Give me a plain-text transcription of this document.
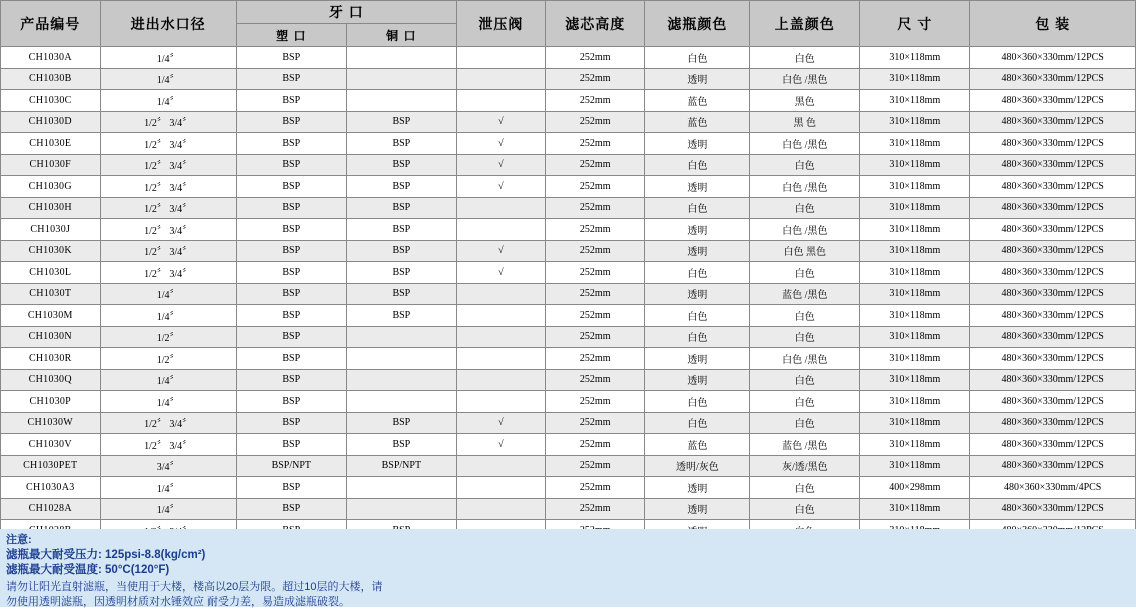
产品编号	进出水口径	牙 口		泄压阀	滤芯高度	滤瓶颜色	上盖颜色	尺 寸	包 装
		塑 口	铜 口						
CH1030A	1/4〞	BSP			252mm	白色	白色	310×118mm	480×360×330mm/12PCS
CH1030B	1/4〞	BSP			252mm	透明	白色 /黑色	310×118mm	480×360×330mm/12PCS
CH1030C	1/4〞	BSP			252mm	蓝色	黑色	310×118mm	480×360×330mm/12PCS
CH1030D	1/2〞 3/4〞	BSP	BSP	√	252mm	蓝色	黑 色	310×118mm	480×360×330mm/12PCS
CH1030E	1/2〞 3/4〞	BSP	BSP	√	252mm	透明	白色 /黑色	310×118mm	480×360×330mm/12PCS
CH1030F	1/2〞 3/4〞	BSP	BSP	√	252mm	白色	白色	310×118mm	480×360×330mm/12PCS
CH1030G	1/2〞 3/4〞	BSP	BSP	√	252mm	透明	白色 /黑色	310×118mm	480×360×330mm/12PCS
CH1030H	1/2〞 3/4〞	BSP	BSP		252mm	白色	白色	310×118mm	480×360×330mm/12PCS
CH1030J	1/2〞 3/4〞	BSP	BSP		252mm	透明	白色 /黑色	310×118mm	480×360×330mm/12PCS
CH1030K	1/2〞 3/4〞	BSP	BSP	√	252mm	透明	白色 黑色	310×118mm	480×360×330mm/12PCS
CH1030L	1/2〞 3/4〞	BSP	BSP	√	252mm	白色	白色	310×118mm	480×360×330mm/12PCS
CH1030T	1/4〞	BSP	BSP		252mm	透明	蓝色 /黑色	310×118mm	480×360×330mm/12PCS
CH1030M	1/4〞	BSP	BSP		252mm	白色	白色	310×118mm	480×360×330mm/12PCS
CH1030N	1/2〞	BSP			252mm	白色	白色	310×118mm	480×360×330mm/12PCS
CH1030R	1/2〞	BSP			252mm	透明	白色 /黑色	310×118mm	480×360×330mm/12PCS
CH1030Q	1/4〞	BSP			252mm	透明	白色	310×118mm	480×360×330mm/12PCS
CH1030P	1/4〞	BSP			252mm	白色	白色	310×118mm	480×360×330mm/12PCS
CH1030W	1/2〞 3/4〞	BSP	BSP	√	252mm	白色	白色	310×118mm	480×360×330mm/12PCS
CH1030V	1/2〞 3/4〞	BSP	BSP	√	252mm	蓝色	蓝色 /黑色	310×118mm	480×360×330mm/12PCS
CH1030PET	3/4〞	BSP/NPT	BSP/NPT		252mm	透明/灰色	灰/透/黑色	310×118mm	480×360×330mm/12PCS
CH1030A3	1/4〞	BSP			252mm	透明	白色	400×298mm	480×360×330mm/4PCS
CH1028A	1/4〞	BSP			252mm	透明	白色	310×118mm	480×360×330mm/12PCS

注意:
滤瓶最大耐受压力: 125psi-8.8(kg/cm²)
滤瓶最大耐受温度: 50°C(120°F)
请勿让阳光直射滤瓶，当使用于大楼，楼高以20层为限。超过10层的大楼，请
勿使用透明滤瓶，因透明材质对水锤效应 耐受力差，易造成滤瓶破裂。
